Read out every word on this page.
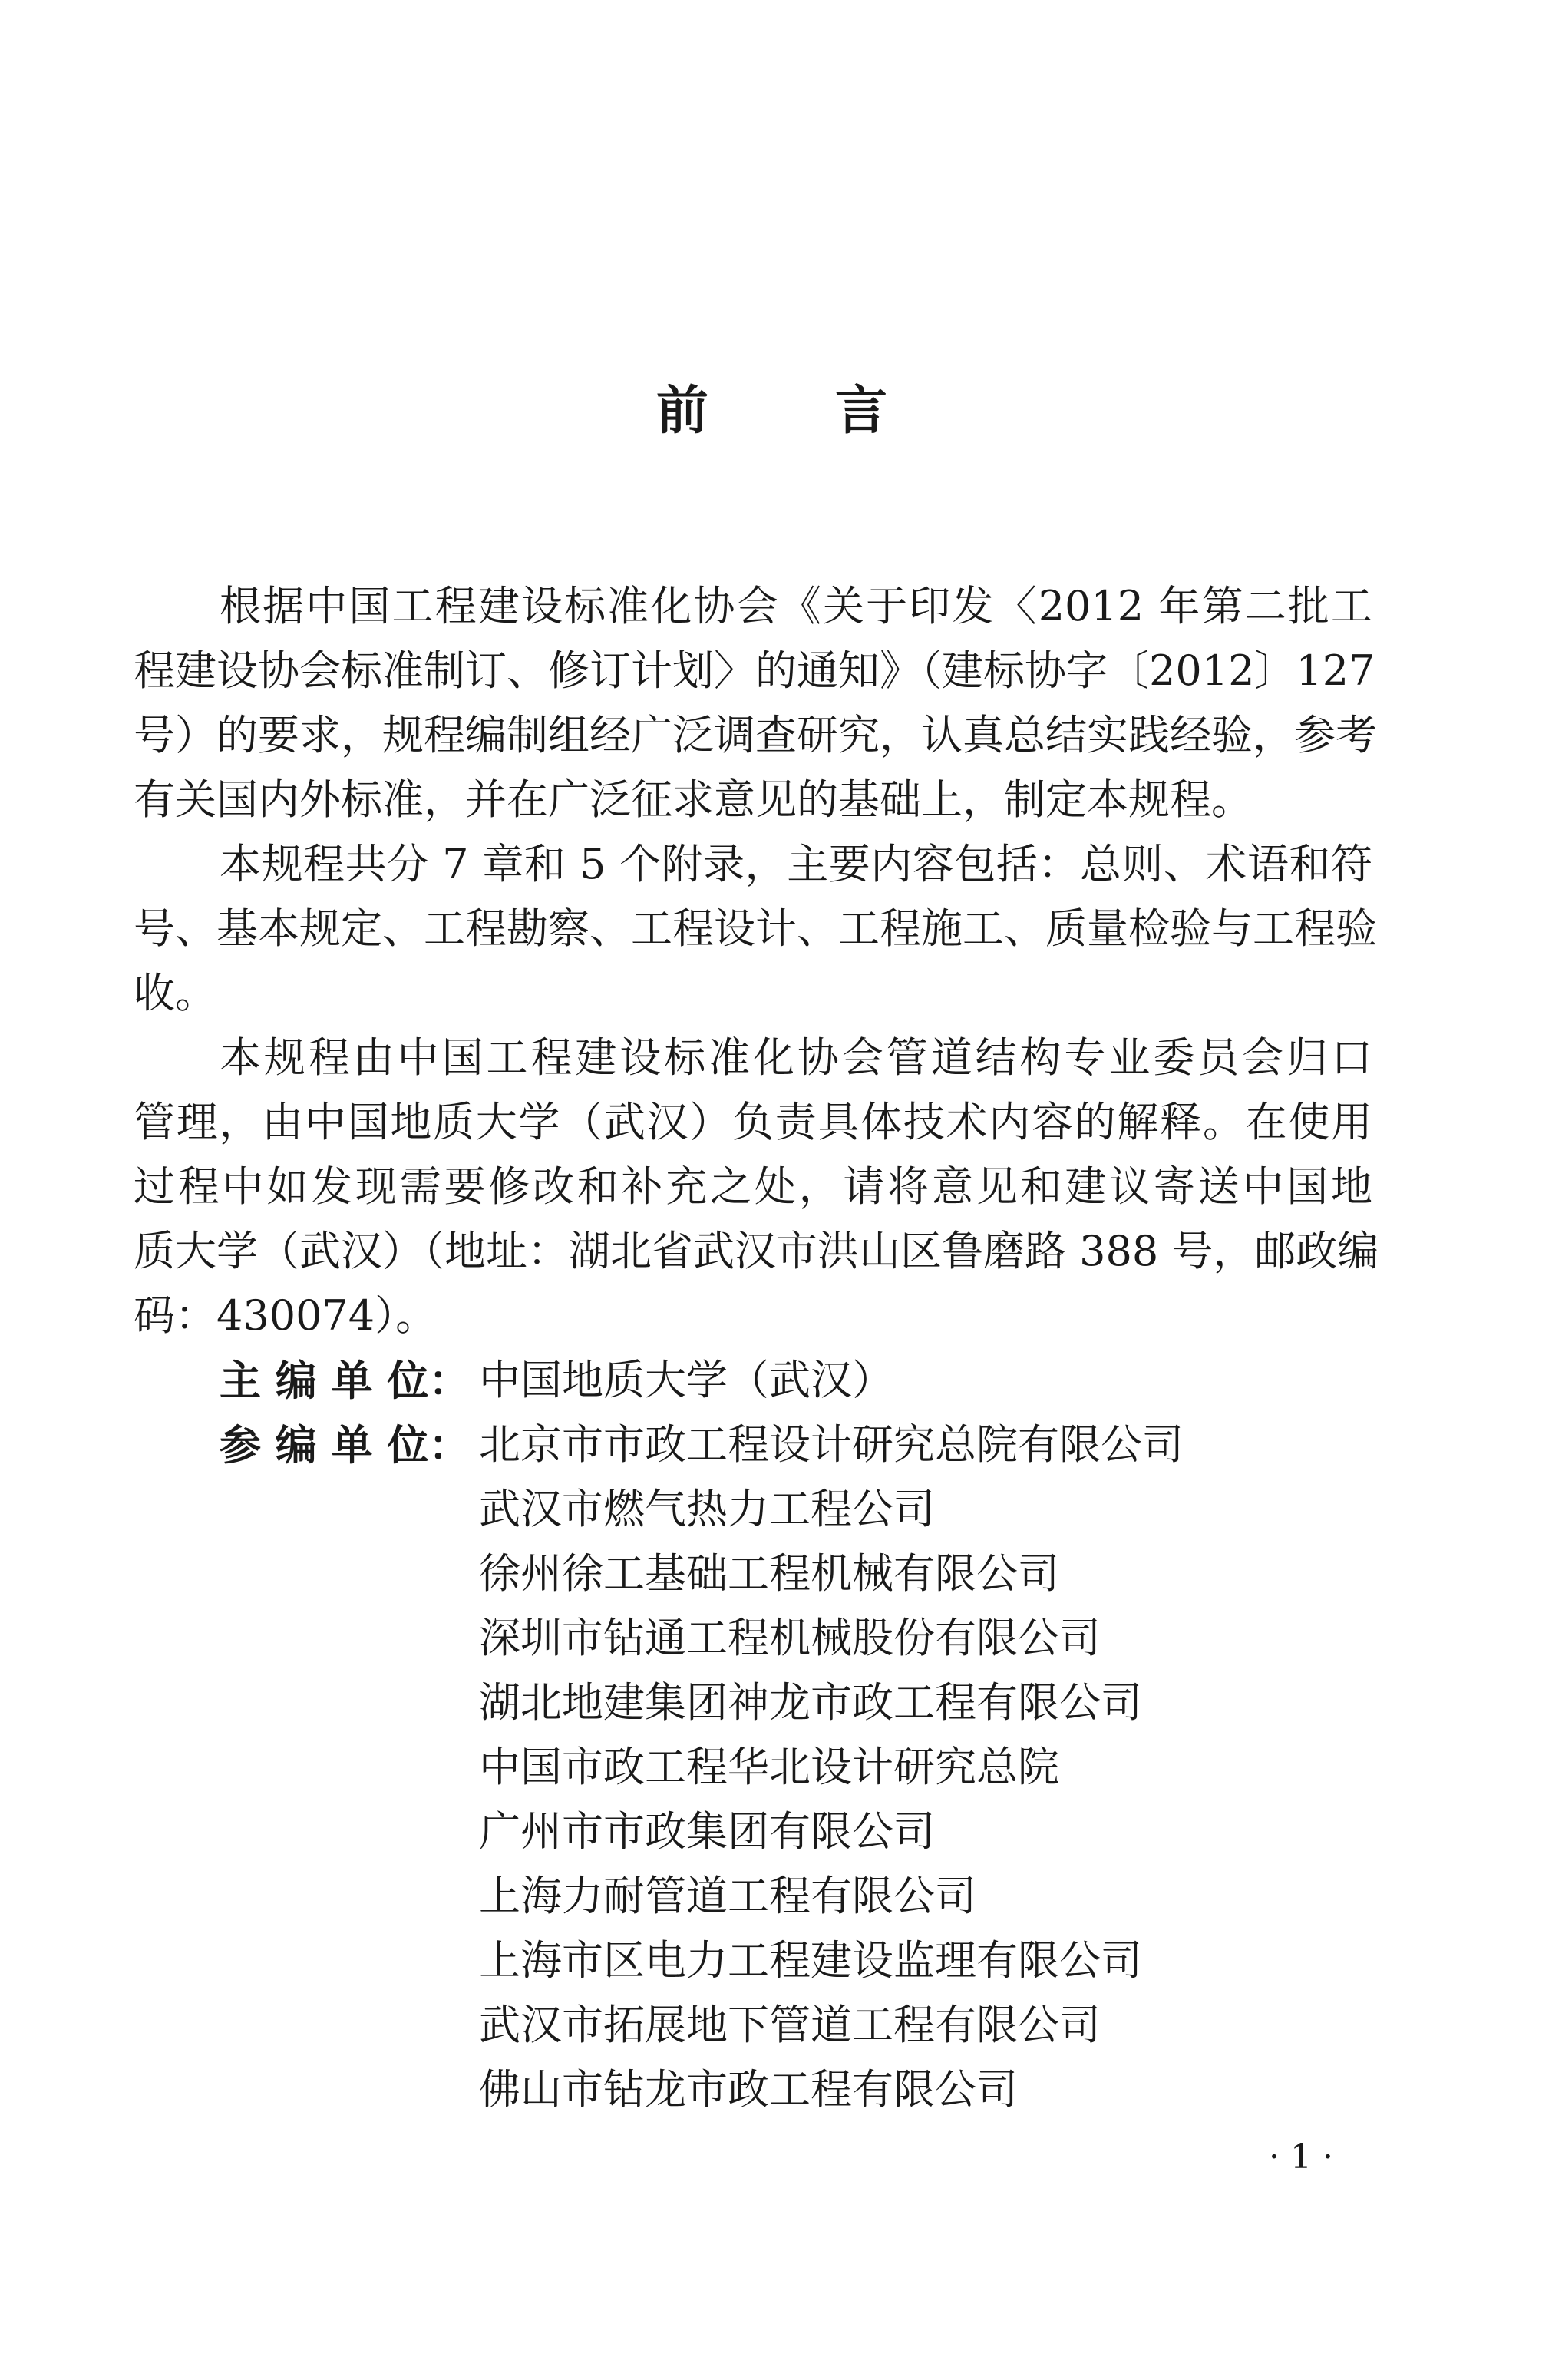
前 言
根据中国工程建设标准化协会《关于印发〈2012 年第二批工
程建设协会标准制订、修订计划〉的通知》（建标协字〔2012〕127
号）的要求，规程编制组经广泛调查研究，认真总结实践经验，参考
有关国内外标准，并在广泛征求意见的基础上，制定本规程。
本规程共分 7 章和 5 个附录，主要内容包括：总则、术语和符
号、基本规定、工程勘察、工程设计、工程施工、质量检验与工程验
收。
本规程由中国工程建设标准化协会管道结构专业委员会归口
管理，由中国地质大学（武汉）负责具体技术内容的解释。在使用
过程中如发现需要修改和补充之处，请将意见和建议寄送中国地
质大学（武汉）（地址：湖北省武汉市洪山区鲁磨路 388 号，邮政编
码：430074）。
主 编 单 位： 中国地质大学（武汉）
参 编 单 位： 北京市市政工程设计研究总院有限公司
武汉市燃气热力工程公司
徐州徐工基础工程机械有限公司
深圳市钻通工程机械股份有限公司
湖北地建集团神龙市政工程有限公司
中国市政工程华北设计研究总院
广州市市政集团有限公司
上海力耐管道工程有限公司
上海市区电力工程建设监理有限公司
武汉市拓展地下管道工程有限公司
佛山市钻龙市政工程有限公司
· 1 ·
